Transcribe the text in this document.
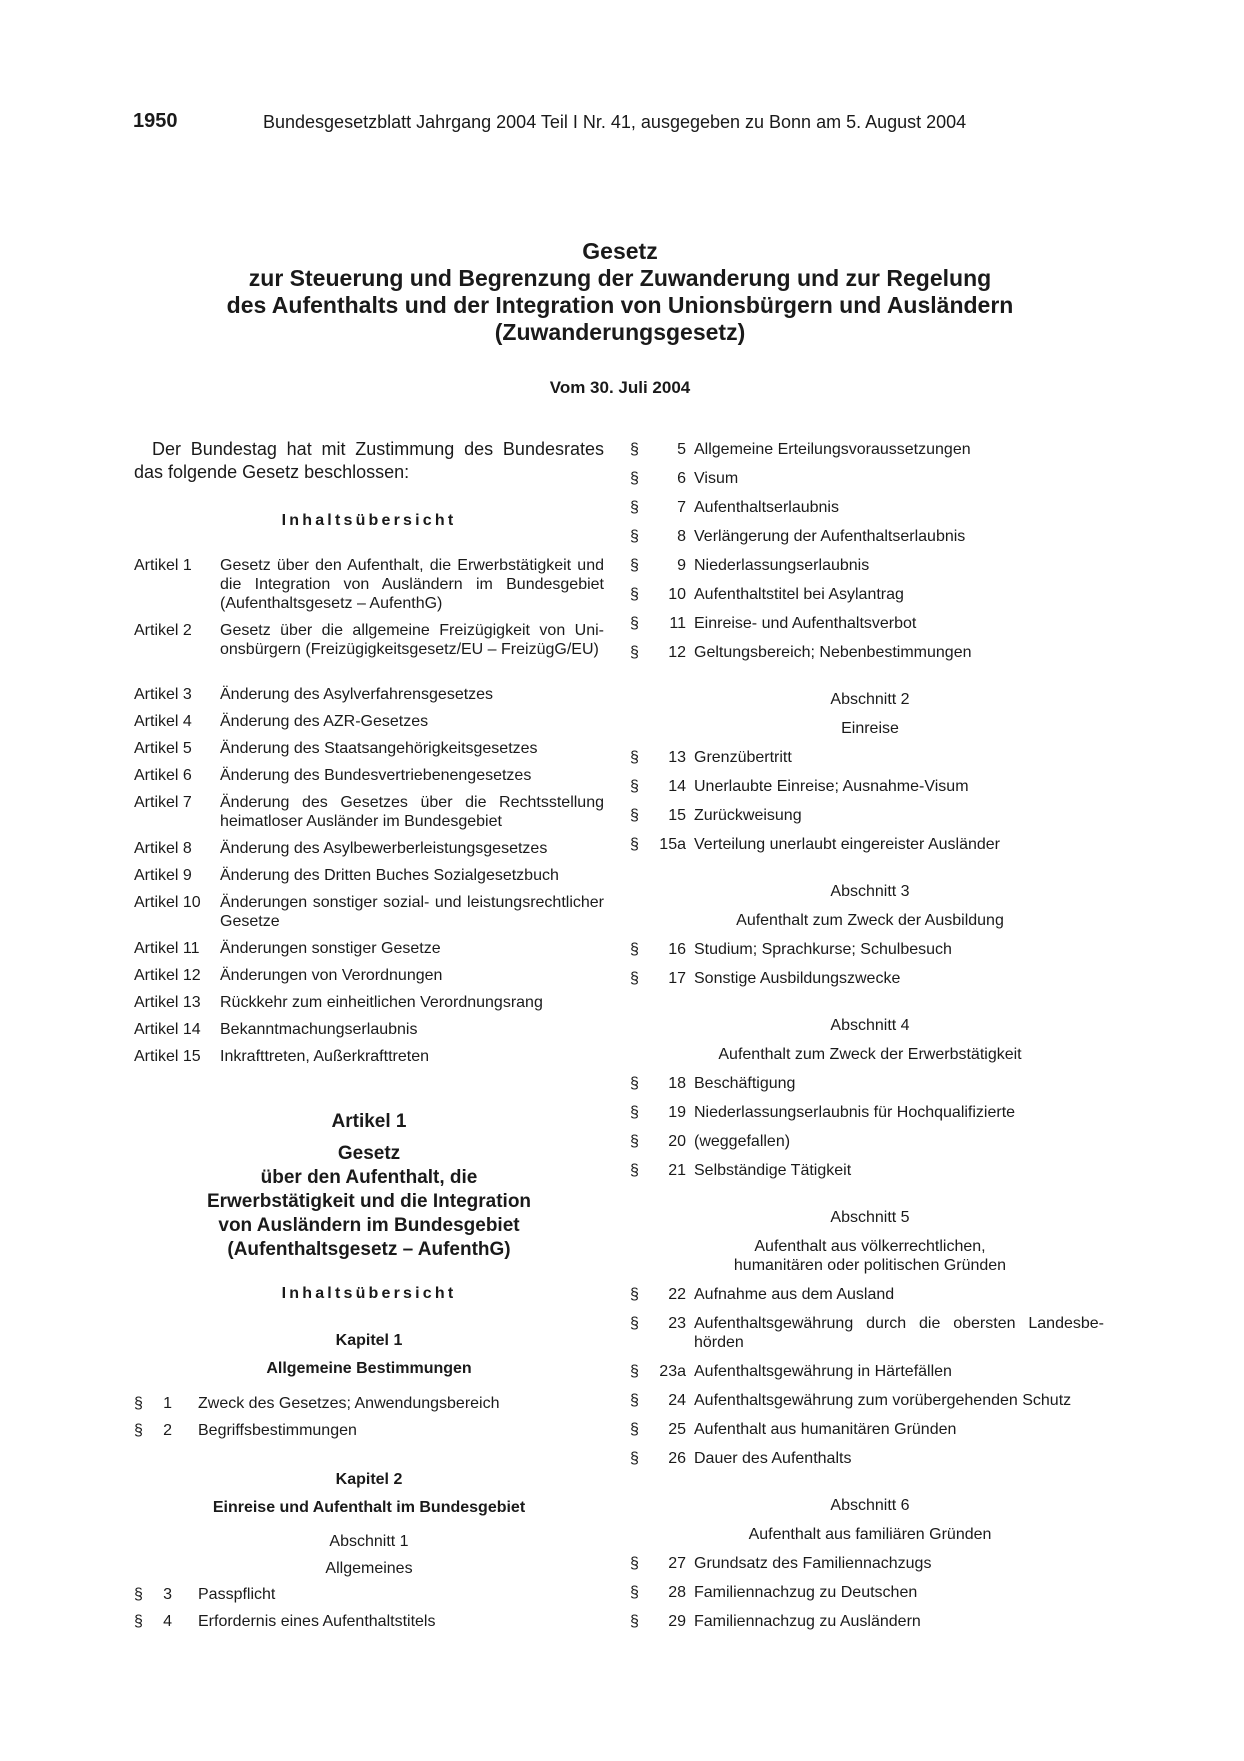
1950	Bundesgesetzblatt Jahrgang 2004 Teil I Nr. 41, ausgegeben zu Bonn am 5. August 2004
Gesetz
zur Steuerung und Begrenzung der Zuwanderung und zur Regelung
des Aufenthalts und der Integration von Unionsbürgern und Ausländern
(Zuwanderungsgesetz)
Vom 30. Juli 2004
Der Bundestag hat mit Zustimmung des Bundesrates das folgende Gesetz beschlossen:
Inhaltsübersicht
Artikel 1	Gesetz über den Aufenthalt, die Erwerbstätigkeit und die Integration von Ausländern im Bundesgebiet (Aufenthaltsgesetz – AufenthG)
Artikel 2	Gesetz über die allgemeine Freizügigkeit von Unionsbürgern (Freizügigkeitsgesetz/EU – FreizügG/EU)
Artikel 3	Änderung des Asylverfahrensgesetzes
Artikel 4	Änderung des AZR-Gesetzes
Artikel 5	Änderung des Staatsangehörigkeitsgesetzes
Artikel 6	Änderung des Bundesvertriebenengesetzes
Artikel 7	Änderung des Gesetzes über die Rechtsstellung heimatloser Ausländer im Bundesgebiet
Artikel 8	Änderung des Asylbewerberleistungsgesetzes
Artikel 9	Änderung des Dritten Buches Sozialgesetzbuch
Artikel 10	Änderungen sonstiger sozial- und leistungsrechtlicher Gesetze
Artikel 11	Änderungen sonstiger Gesetze
Artikel 12	Änderungen von Verordnungen
Artikel 13	Rückkehr zum einheitlichen Verordnungsrang
Artikel 14	Bekanntmachungserlaubnis
Artikel 15	Inkrafttreten, Außerkrafttreten
Artikel 1
Gesetz
über den Aufenthalt, die
Erwerbstätigkeit und die Integration
von Ausländern im Bundesgebiet
(Aufenthaltsgesetz – AufenthG)
Inhaltsübersicht
Kapitel 1
Allgemeine Bestimmungen
§	1 Zweck des Gesetzes; Anwendungsbereich
§	2 Begriffsbestimmungen
Kapitel 2
Einreise und Aufenthalt im Bundesgebiet
Abschnitt 1
Allgemeines
§	3 Passpflicht
§	4 Erfordernis eines Aufenthaltstitels
§	5 Allgemeine Erteilungsvoraussetzungen
§	6 Visum
§	7 Aufenthaltserlaubnis
§	8 Verlängerung der Aufenthaltserlaubnis
§	9 Niederlassungserlaubnis
§	10 Aufenthaltstitel bei Asylantrag
§	11 Einreise- und Aufenthaltsverbot
§	12 Geltungsbereich; Nebenbestimmungen
Abschnitt 2
Einreise
§	13 Grenzübertritt
§	14 Unerlaubte Einreise; Ausnahme-Visum
§	15 Zurückweisung
§	15a Verteilung unerlaubt eingereister Ausländer
Abschnitt 3
Aufenthalt zum Zweck der Ausbildung
§	16 Studium; Sprachkurse; Schulbesuch
§	17 Sonstige Ausbildungszwecke
Abschnitt 4
Aufenthalt zum Zweck der Erwerbstätigkeit
§	18 Beschäftigung
§	19 Niederlassungserlaubnis für Hochqualifizierte
§	20 (weggefallen)
§	21 Selbständige Tätigkeit
Abschnitt 5
Aufenthalt aus völkerrechtlichen,
humanitären oder politischen Gründen
§	22 Aufnahme aus dem Ausland
§	23 Aufenthaltsgewährung durch die obersten Landesbehörden
§	23a Aufenthaltsgewährung in Härtefällen
§	24 Aufenthaltsgewährung zum vorübergehenden Schutz
§	25 Aufenthalt aus humanitären Gründen
§	26 Dauer des Aufenthalts
Abschnitt 6
Aufenthalt aus familiären Gründen
§	27 Grundsatz des Familiennachzugs
§	28 Familiennachzug zu Deutschen
§	29 Familiennachzug zu Ausländern
